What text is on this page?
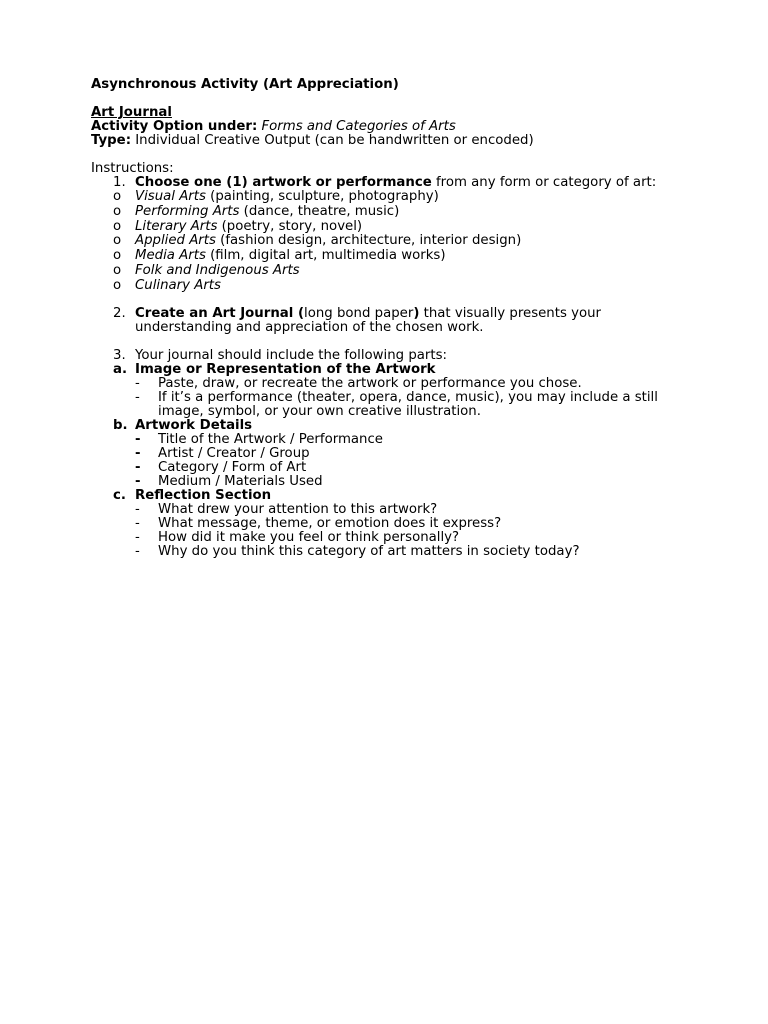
Asynchronous Activity (Art Appreciation)
Art Journal
Activity Option under: Forms and Categories of Arts
Type: Individual Creative Output (can be handwritten or encoded)
Instructions:
1. Choose one (1) artwork or performance from any form or category of art:
o Visual Arts (painting, sculpture, photography)
o Performing Arts (dance, theatre, music)
o Literary Arts (poetry, story, novel)
o Applied Arts (fashion design, architecture, interior design)
o Media Arts (film, digital art, multimedia works)
o Folk and Indigenous Arts
o Culinary Arts
2. Create an Art Journal (long bond paper) that visually presents your
understanding and appreciation of the chosen work.
3. Your journal should include the following parts:
a. Image or Representation of the Artwork
- Paste, draw, or recreate the artwork or performance you chose.
- If it’s a performance (theater, opera, dance, music), you may include a still
image, symbol, or your own creative illustration.
b. Artwork Details
- Title of the Artwork / Performance
- Artist / Creator / Group
- Category / Form of Art
- Medium / Materials Used
c. Reflection Section
- What drew your attention to this artwork?
- What message, theme, or emotion does it express?
- How did it make you feel or think personally?
- Why do you think this category of art matters in society today?
